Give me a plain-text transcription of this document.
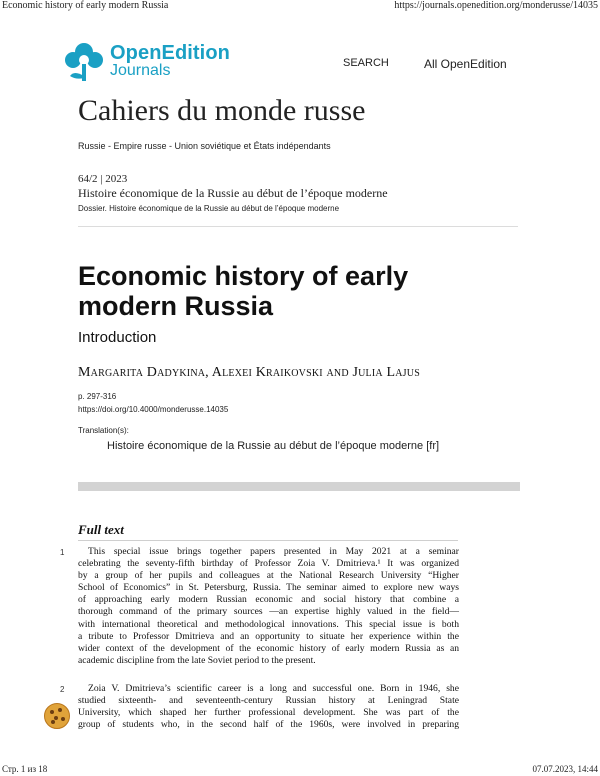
Economic history of early modern Russia	https://journals.openedition.org/monderusse/14035
OpenEdition
Journals	SEARCH	All OpenEdition
Cahiers du monde russe
Russie - Empire russe - Union soviétique et États indépendants
64/2 | 2023
Histoire économique de la Russie au début de l’époque moderne
Dossier. Histoire économique de la Russie au début de l’époque moderne
Economic history of early
modern Russia
Introduction
Margarita Dadykina, Alexei Kraikovski and Julia Lajus
p. 297-316
https://doi.org/10.4000/monderusse.14035
Translation(s):
Histoire économique de la Russie au début de l’époque moderne [fr]
Full text
1	This special issue brings together papers presented in May 2021 at a seminar
celebrating the seventy-fifth birthday of Professor Zoia V. Dmitrieva.¹ It was organized
by a group of her pupils and colleagues at the National Research University “Higher
School of Economics” in St. Petersburg, Russia. The seminar aimed to explore new ways
of approaching early modern Russian economic and social history that combine a
thorough command of the primary sources —an expertise highly valued in the field—
with international theoretical and methodological innovations. This special issue is both
a tribute to Professor Dmitrieva and an opportunity to situate her experience within the
wider context of the development of the economic history of early modern Russia as an
academic discipline from the late Soviet period to the present.
2	Zoia V. Dmitrieva’s scientific career is a long and successful one. Born in 1946, she
studied sixteenth- and seventeenth-century Russian history at Leningrad State
University, which shaped her further professional development. She was part of the
group of students who, in the second half of the 1960s, were involved in preparing
Стр. 1 из 18	07.07.2023, 14:44
